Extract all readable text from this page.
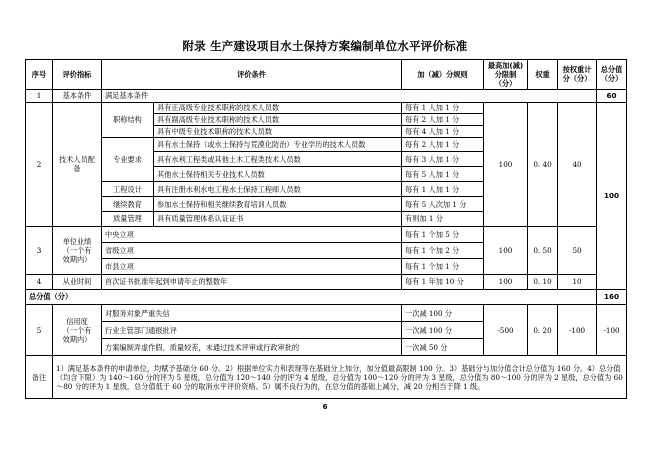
附录 生产建设项目水土保持方案编制单位水平评价标准
序号	评价指标	评价条件		加（减）分规则	最高加(减)分限制（分）	权重	按权重计分（分）	总分值（分）
1	基本条件	满足基本条件						60
2	技术人员配备	职称结构	具有正高级专业技术职称的技术人员数	每有 1 人加 1 分	100	0. 40	40	100
			具有副高级专业技术职称的技术人员数	每有 2 人加 1 分				
			具有中级专业技术职称的技术人员数	每有 4 人加 1 分				
		专业要求	具有水土保持（或水土保持与荒漠化防治）专业学历的技术人员数	每有 2 人加 1 分				
			具有水利工程类或其他土木工程类技术人员数	每有 3 人加 1 分				
			其他水土保持相关专业技术人员数	每有 5 人加 1 分				
		工程设计	具有注册水利水电工程水土保持工程师人员数	每有 1 人加 1 分				
		继续教育	参加水土保持和相关继续教育培训人员数	每有 5 人次加 1 分				
		质量管理	具有质量管理体系认证证书	有则加 1 分				
3	单位业绩
（一个有
效期内）	中央立项		每有 1 个加 5 分	100	0. 50	50	
		省级立项		每有 1 个加 2 分				
		市县立项		每有 1 个加 1 分				
4	从业时间	首次证书批准年起到申请年止的整数年		每有 1 年加 10 分	100	0. 10	10	
总分值（分）								160
5	信用度
（一个有
效期内）	对服务对象严重失信		一次减 100 分	-500	0. 20	-100	-100
		行业主管部门通报批评		一次减 100 分				
		方案编制弄虚作假、质量较差，未通过技术评审或行政审批的		一次减 50 分				
备注	1）满足基本条件的申请单位，均赋予基础分 60 分。2）根据单位实力和表现等在基础分上加分，加分值最高限制 100 分。3）基础分与加分值合计总分值为 160 分。4）总分值（均含下限）为 140～160 分的评为 5 星级，总分值为 120～140 分的评为 4 星级，总分值为 100～120 分的评为 3 星级，总分值为 80～100 分的评为 2 星级，总分值为 60～80 分的评为 1 星级，总分值低于 60 分的取消水平评价资格。5）属不良行为的，在总分值的基础上减分，减 20 分相当于降 1 级。							
6
